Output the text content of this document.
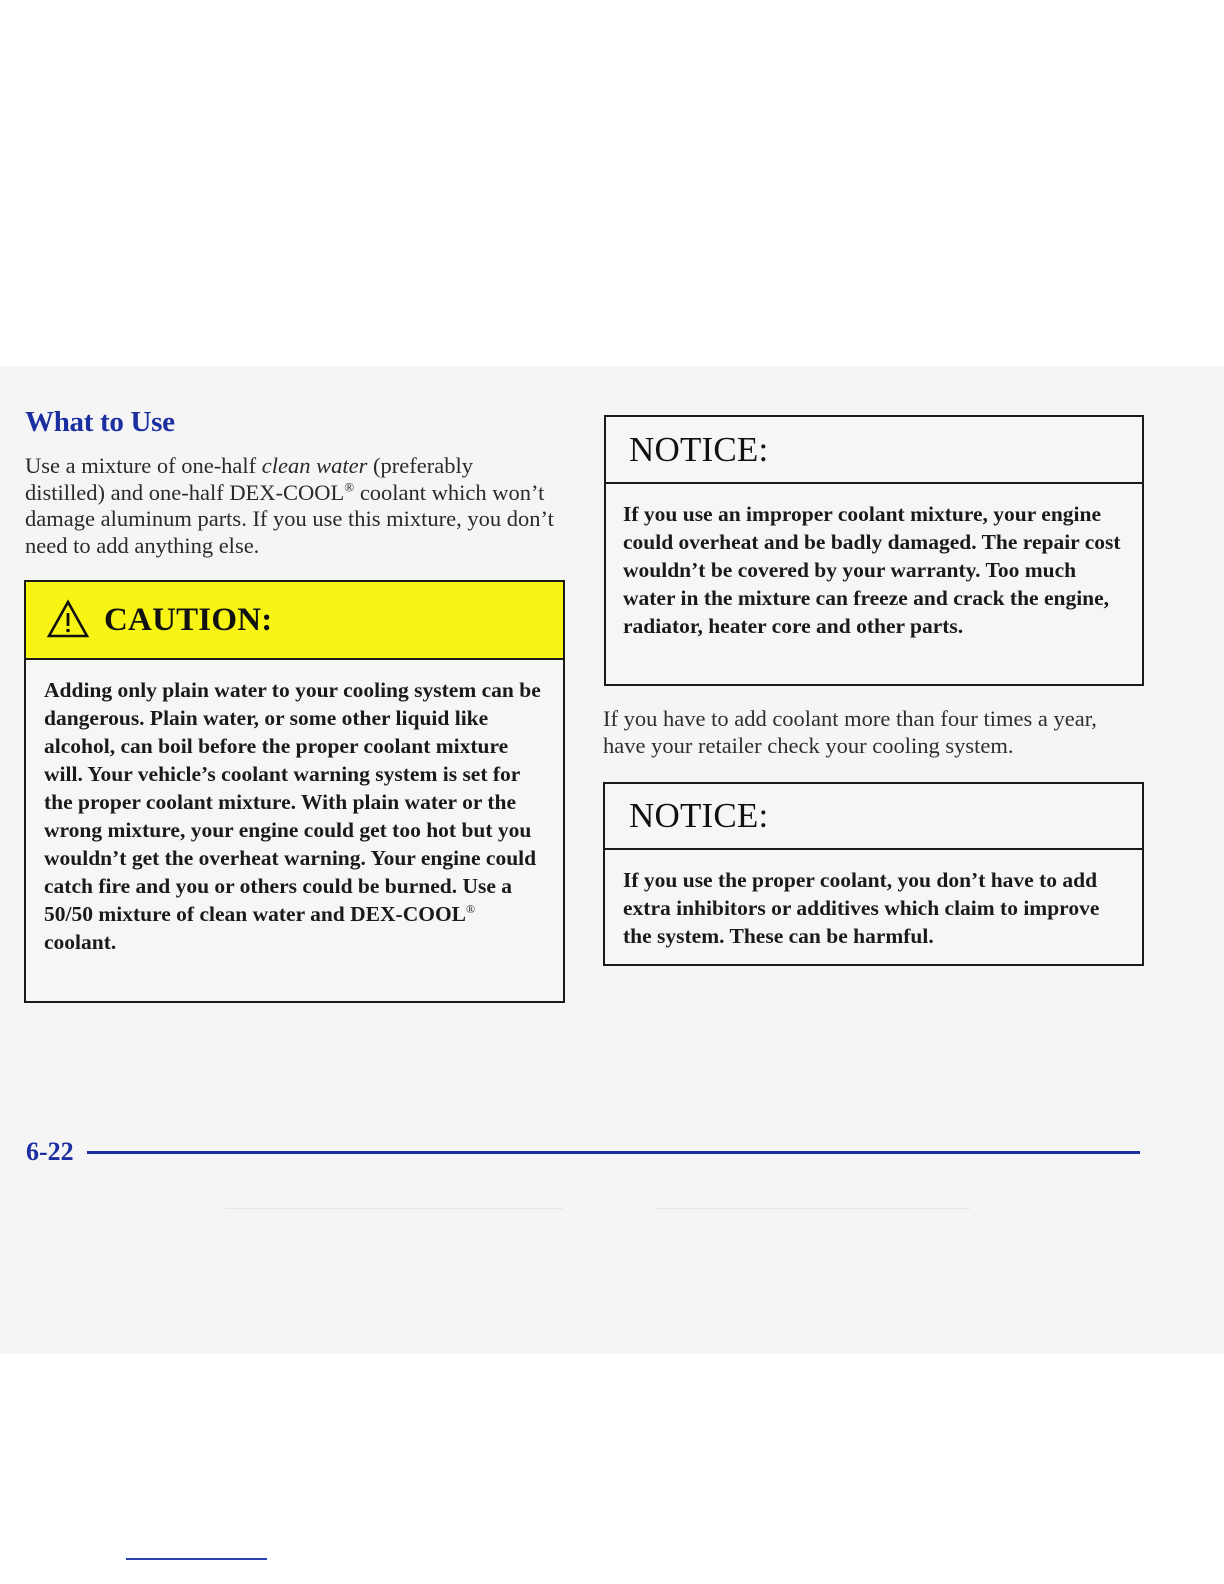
What to Use

Use a mixture of one-half clean water (preferably distilled) and one-half DEX-COOL® coolant which won’t damage aluminum parts. If you use this mixture, you don’t need to add anything else.

CAUTION:

Adding only plain water to your cooling system can be dangerous. Plain water, or some other liquid like alcohol, can boil before the proper coolant mixture will. Your vehicle’s coolant warning system is set for the proper coolant mixture. With plain water or the wrong mixture, your engine could get too hot but you wouldn’t get the overheat warning. Your engine could catch fire and you or others could be burned. Use a 50/50 mixture of clean water and DEX-COOL® coolant.

NOTICE:

If you use an improper coolant mixture, your engine could overheat and be badly damaged. The repair cost wouldn’t be covered by your warranty. Too much water in the mixture can freeze and crack the engine, radiator, heater core and other parts.

If you have to add coolant more than four times a year, have your retailer check your cooling system.

NOTICE:

If you use the proper coolant, you don’t have to add extra inhibitors or additives which claim to improve the system. These can be harmful.

6-22
